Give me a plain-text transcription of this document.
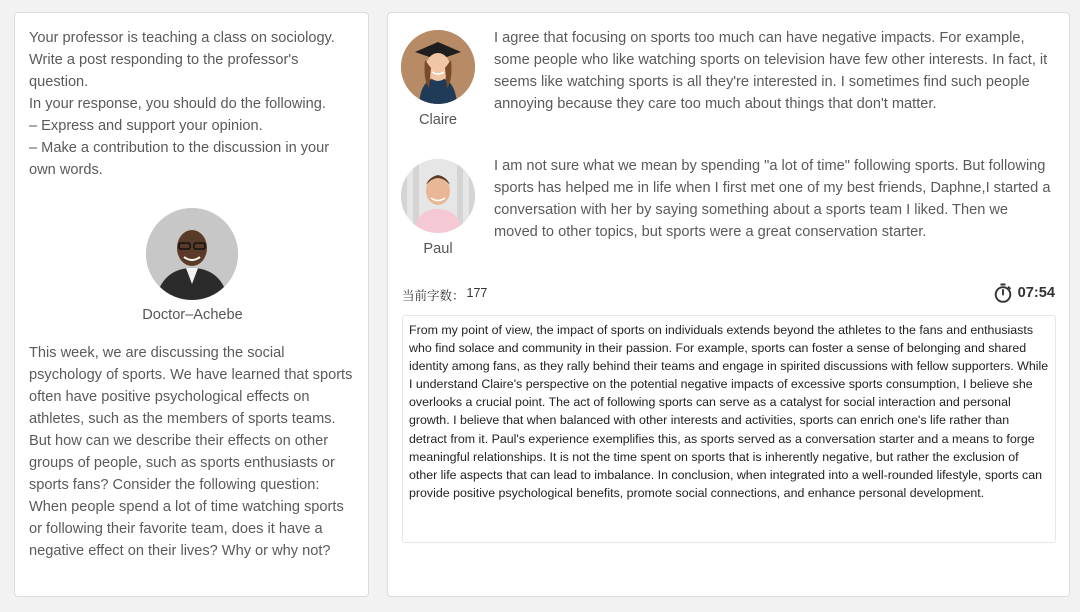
Your professor is teaching a class on sociology. Write a post responding to the professor's question.
In your response, you should do the following.
– Express and support your opinion.
– Make a contribution to the discussion in your own words.
Doctor–Achebe
This week, we are discussing the social psychology of sports. We have learned that sports often have positive psychological effects on athletes, such as the members of sports teams. But how can we describe their effects on other groups of people, such as sports enthusiasts or sports fans? Consider the following question: When people spend a lot of time watching sports or following their favorite team, does it have a negative effect on their lives? Why or why not?
Claire
I agree that focusing on sports too much can have negative impacts. For example, some people who like watching sports on television have few other interests. In fact, it seems like watching sports is all they're interested in. I sometimes find such people annoying because they care too much about things that don't matter.
Paul
I am not sure what we mean by spending "a lot of time" following sports. But following sports has helped me in life when I first met one of my best friends, Daphne,I started a conversation with her by saying something about a sports team I liked. Then we moved to other topics, but sports were a great conservation starter.
当前字数： 177	07:54
From my point of view, the impact of sports on individuals extends beyond the athletes to the fans and enthusiasts who find solace and community in their passion. For example, sports can foster a sense of belonging and shared identity among fans, as they rally behind their teams and engage in spirited discussions with fellow supporters. While I understand Claire's perspective on the potential negative impacts of excessive sports consumption, I believe she overlooks a crucial point. The act of following sports can serve as a catalyst for social interaction and personal growth. I believe that when balanced with other interests and activities, sports can enrich one's life rather than detract from it. Paul's experience exemplifies this, as sports served as a conversation starter and a means to forge meaningful relationships. It is not the time spent on sports that is inherently negative, but rather the exclusion of other life aspects that can lead to imbalance. In conclusion, when integrated into a well-rounded lifestyle, sports can provide positive psychological benefits, promote social connections, and enhance personal development.
